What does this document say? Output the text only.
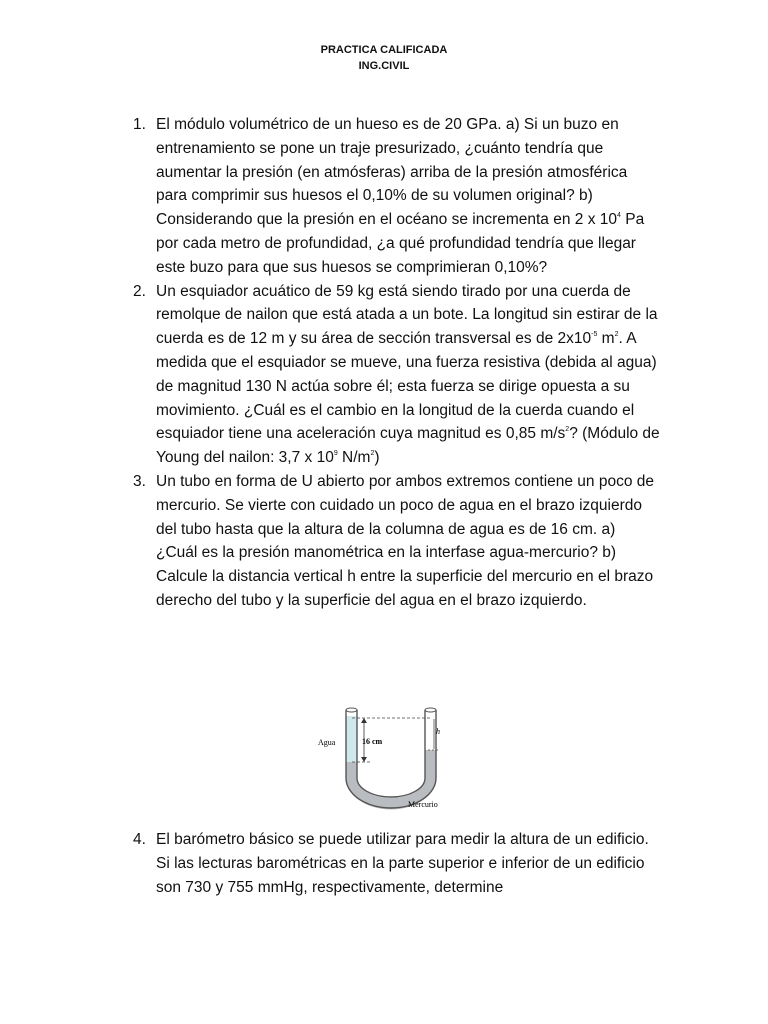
PRACTICA CALIFICADA
ING.CIVIL
1. El módulo volumétrico de un hueso es de 20 GPa. a) Si un buzo en entrenamiento se pone un traje presurizado, ¿cuánto tendría que aumentar la presión (en atmósferas) arriba de la presión atmosférica para comprimir sus huesos el 0,10% de su volumen original? b) Considerando que la presión en el océano se incrementa en 2 x $10^4$ Pa por cada metro de profundidad, ¿a qué profundidad tendría que llegar este buzo para que sus huesos se comprimieran 0,10%?
2. Un esquiador acuático de 59 kg está siendo tirado por una cuerda de remolque de nailon que está atada a un bote. La longitud sin estirar de la cuerda es de 12 m y su área de sección transversal es de $2x10^{-5}$ $m^2$. A medida que el esquiador se mueve, una fuerza resistiva (debida al agua) de magnitud 130 N actúa sobre él; esta fuerza se dirige opuesta a su movimiento. ¿Cuál es el cambio en la longitud de la cuerda cuando el esquiador tiene una aceleración cuya magnitud es 0,85 $m/s^2$? (Módulo de Young del nailon: 3,7 x $10^9$ $N/m^2$)
3. Un tubo en forma de U abierto por ambos extremos contiene un poco de mercurio. Se vierte con cuidado un poco de agua en el brazo izquierdo del tubo hasta que la altura de la columna de agua es de 16 cm. a) ¿Cuál es la presión manométrica en la interfase agua-mercurio? b) Calcule la distancia vertical h entre la superficie del mercurio en el brazo derecho del tubo y la superficie del agua en el brazo izquierdo.
Agua	16 cm
h
Mercurio
4. El barómetro básico se puede utilizar para medir la altura de un edificio. Si las lecturas barométricas en la parte superior e inferior de un edificio son 730 y 755 mmHg, respectivamente, determine
